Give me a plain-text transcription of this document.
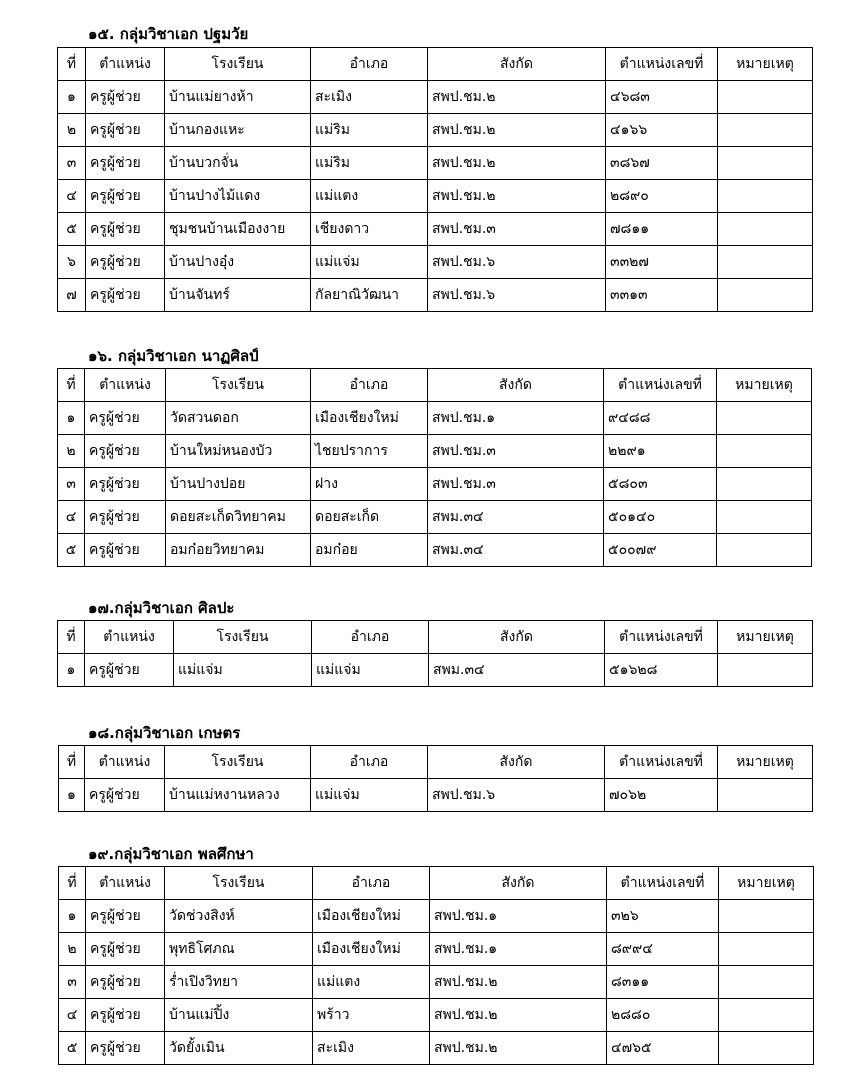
๑๕. กลุ่มวิชาเอก ปฐมวัย
ที่	ตำแหน่ง	โรงเรียน	อำเภอ	สังกัด	ตำแหน่งเลขที่	หมายเหตุ
๑	ครูผู้ช่วย	บ้านแม่ยางห้า	สะเมิง	สพป.ชม.๒	๔๖๘๓	
๒	ครูผู้ช่วย	บ้านกองแหะ	แม่ริม	สพป.ชม.๒	๔๑๖๖	
๓	ครูผู้ช่วย	บ้านบวกจั่น	แม่ริม	สพป.ชม.๒	๓๘๖๗	
๔	ครูผู้ช่วย	บ้านปางไม้แดง	แม่แตง	สพป.ชม.๒	๒๘๙๐	
๕	ครูผู้ช่วย	ชุมชนบ้านเมืองงาย	เชียงดาว	สพป.ชม.๓	๗๘๑๑	
๖	ครูผู้ช่วย	บ้านปางอุ๋ง	แม่แจ่ม	สพป.ชม.๖	๓๓๒๗	
๗	ครูผู้ช่วย	บ้านจันทร์	กัลยาณิวัฒนา	สพป.ชม.๖	๓๓๑๓	
๑๖. กลุ่มวิชาเอก นาฏศิลป์
ที่	ตำแหน่ง	โรงเรียน	อำเภอ	สังกัด	ตำแหน่งเลขที่	หมายเหตุ
๑	ครูผู้ช่วย	วัดสวนดอก	เมืองเชียงใหม่	สพป.ชม.๑	๙๔๘๘	
๒	ครูผู้ช่วย	บ้านใหม่หนองบัว	ไชยปราการ	สพป.ชม.๓	๒๒๙๑	
๓	ครูผู้ช่วย	บ้านปางปอย	ฝาง	สพป.ชม.๓	๕๘๐๓	
๔	ครูผู้ช่วย	ดอยสะเก็ดวิทยาคม	ดอยสะเก็ด	สพม.๓๔	๕๐๑๔๐	
๕	ครูผู้ช่วย	อมก๋อยวิทยาคม	อมก๋อย	สพม.๓๔	๕๐๐๗๙	
๑๗.กลุ่มวิชาเอก ศิลปะ
ที่	ตำแหน่ง	โรงเรียน	อำเภอ	สังกัด	ตำแหน่งเลขที่	หมายเหตุ
๑	ครูผู้ช่วย	แม่แจ่ม	แม่แจ่ม	สพม.๓๔	๕๑๖๒๘	
๑๘.กลุ่มวิชาเอก เกษตร
ที่	ตำแหน่ง	โรงเรียน	อำเภอ	สังกัด	ตำแหน่งเลขที่	หมายเหตุ
๑	ครูผู้ช่วย	บ้านแม่หงานหลวง	แม่แจ่ม	สพป.ชม.๖	๗๐๖๒	
๑๙.กลุ่มวิชาเอก พลศึกษา
ที่	ตำแหน่ง	โรงเรียน	อำเภอ	สังกัด	ตำแหน่งเลขที่	หมายเหตุ
๑	ครูผู้ช่วย	วัดช่วงสิงห์	เมืองเชียงใหม่	สพป.ชม.๑	๓๒๖	
๒	ครูผู้ช่วย	พุทธิโศภณ	เมืองเชียงใหม่	สพป.ชม.๑	๘๙๙๔	
๓	ครูผู้ช่วย	ร่ำเปิงวิทยา	แม่แตง	สพป.ชม.๒	๘๓๑๑	
๔	ครูผู้ช่วย	บ้านแม่ปิ้ง	พร้าว	สพป.ชม.๒	๒๘๘๐	
๕	ครูผู้ช่วย	วัดยั้งเมิน	สะเมิง	สพป.ชม.๒	๔๗๖๕	
